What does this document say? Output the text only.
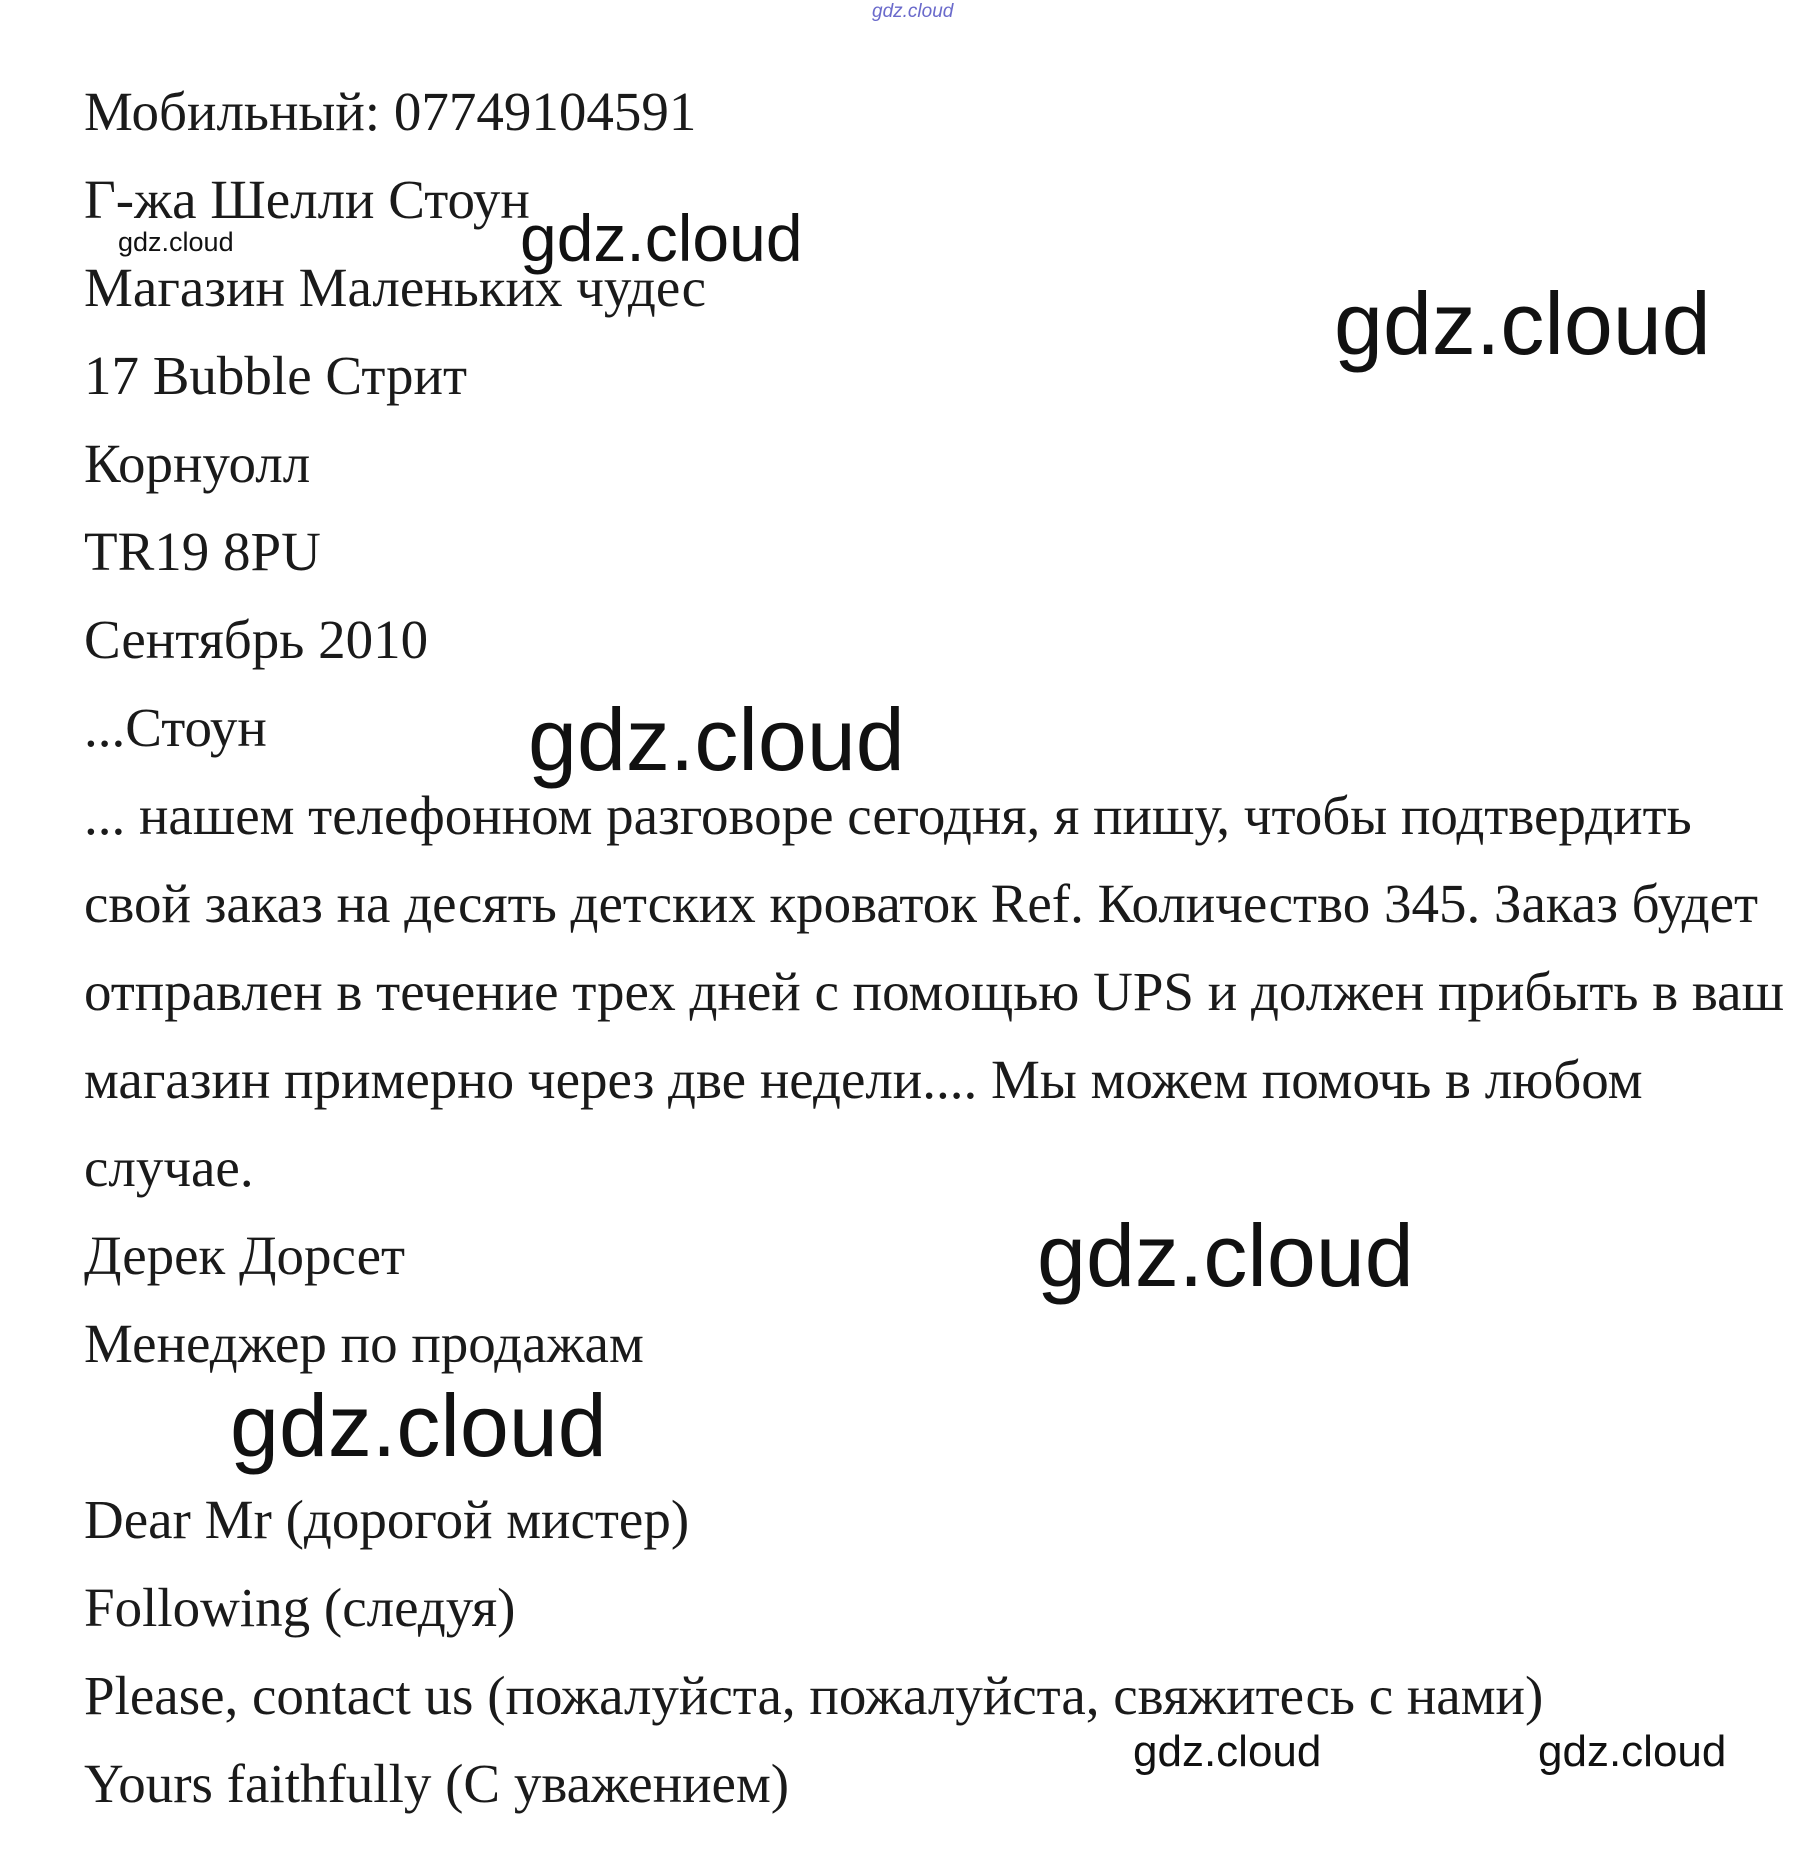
Мобильный: 07749104591
Г-жа Шелли Стоун
Магазин Маленьких чудес
17 Bubble Стрит
Корнуолл
TR19 8PU
Сентябрь 2010
...Стоун
... нашем телефонном разговоре сегодня, я пишу, чтобы подтвердить свой заказ на десять детских кроваток Ref. Количество 345. Заказ будет отправлен в течение трех дней с помощью UPS и должен прибыть в ваш магазин примерно через две недели.... Мы можем помочь в любом случае.
Дерек Дорсет
Менеджер по продажам
Dear Mr (дорогой мистер)
Following (следуя)
Please, contact us (пожалуйста, пожалуйста, свяжитесь с нами)
Yours faithfully (С уважением)
gdz.cloud
gdz.cloud	gdz.cloud
gdz.cloud
gdz.cloud
gdz.cloud
gdz.cloud
gdz.cloud	gdz.cloud
